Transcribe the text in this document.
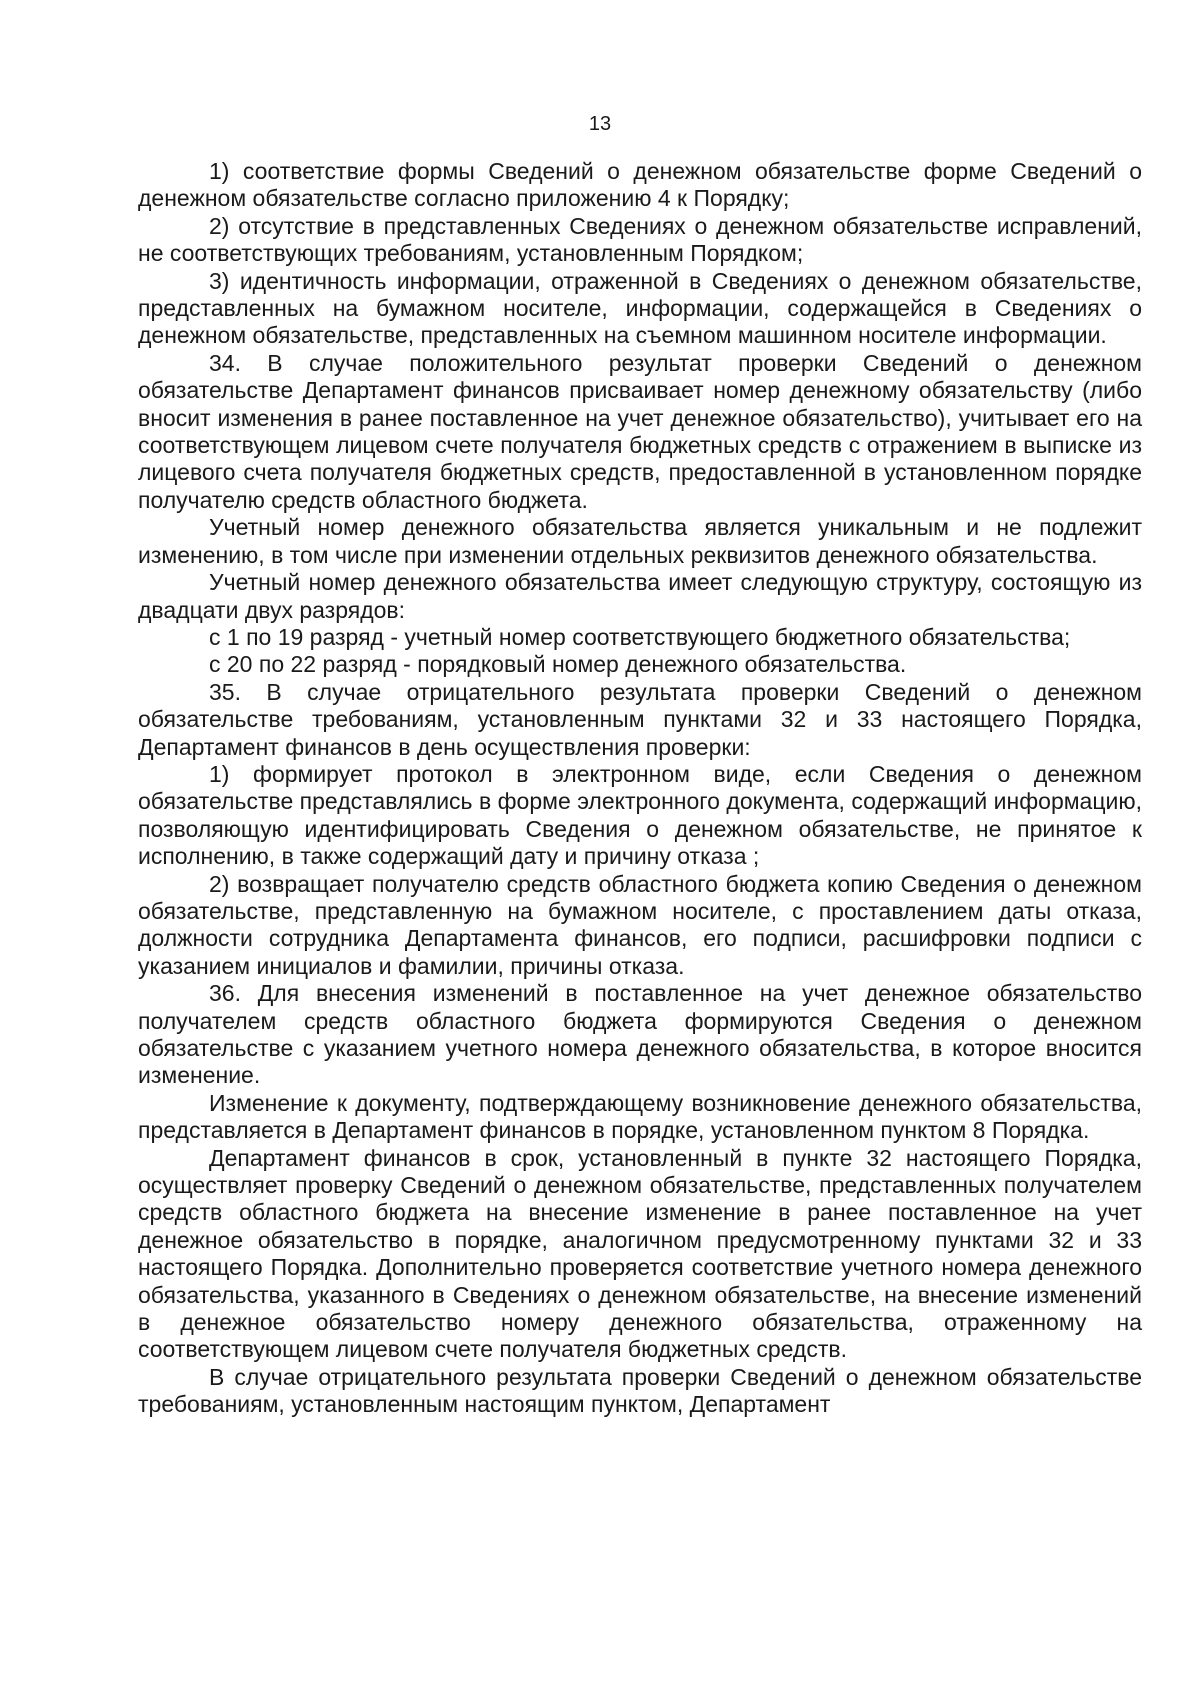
13

1) соответствие формы Сведений о денежном обязательстве форме Сведений о денежном обязательстве согласно приложению 4 к Порядку;

2) отсутствие в представленных Сведениях о денежном обязательстве исправлений, не соответствующих требованиям, установленным Порядком;

3) идентичность информации, отраженной в Сведениях о денежном обязательстве, представленных на бумажном носителе, информации, содержащейся в Сведениях о денежном обязательстве, представленных на съемном машинном носителе информации.

34. В случае положительного результат проверки Сведений о денежном обязательстве Департамент финансов присваивает номер денежному обязательству (либо вносит изменения в ранее поставленное на учет денежное обязательство), учитывает его на соответствующем лицевом счете получателя бюджетных средств с отражением в выписке из лицевого счета получателя бюджетных средств, предоставленной в установленном порядке получателю средств областного бюджета.

Учетный номер денежного обязательства является уникальным и не подлежит изменению, в том числе при изменении отдельных реквизитов денежного обязательства.

Учетный номер денежного обязательства имеет следующую структуру, состоящую из двадцати двух разрядов:

с 1 по 19 разряд - учетный номер соответствующего бюджетного обязательства;

с 20 по 22 разряд - порядковый номер денежного обязательства.

35. В случае отрицательного результата проверки Сведений о денежном обязательстве требованиям, установленным пунктами 32 и 33 настоящего Порядка, Департамент финансов в день осуществления проверки:

1) формирует протокол в электронном виде, если Сведения о денежном обязательстве представлялись в форме электронного документа, содержащий информацию, позволяющую идентифицировать Сведения о денежном обязательстве, не принятое к исполнению, в также содержащий дату и причину отказа ;

2) возвращает получателю средств областного бюджета копию Сведения о денежном обязательстве, представленную на бумажном носителе, с проставлением даты отказа, должности сотрудника Департамента финансов, его подписи, расшифровки подписи с указанием инициалов и фамилии, причины отказа.

36. Для внесения изменений в поставленное на учет денежное обязательство получателем средств областного бюджета формируются Сведения о денежном обязательстве с указанием учетного номера денежного обязательства, в которое вносится изменение.

Изменение к документу, подтверждающему возникновение денежного обязательства, представляется в Департамент финансов в порядке, установленном пунктом 8 Порядка.

Департамент финансов в срок, установленный в пункте 32 настоящего Порядка, осуществляет проверку Сведений о денежном обязательстве, представленных получателем средств областного бюджета на внесение изменение в ранее поставленное на учет денежное обязательство в порядке, аналогичном предусмотренному пунктами 32 и 33 настоящего Порядка. Дополнительно проверяется соответствие учетного номера денежного обязательства, указанного в Сведениях о денежном обязательстве, на внесение изменений в денежное обязательство номеру денежного обязательства, отраженному на соответствующем лицевом счете получателя бюджетных средств.

В случае отрицательного результата проверки Сведений о денежном обязательстве требованиям, установленным настоящим пунктом, Департамент
